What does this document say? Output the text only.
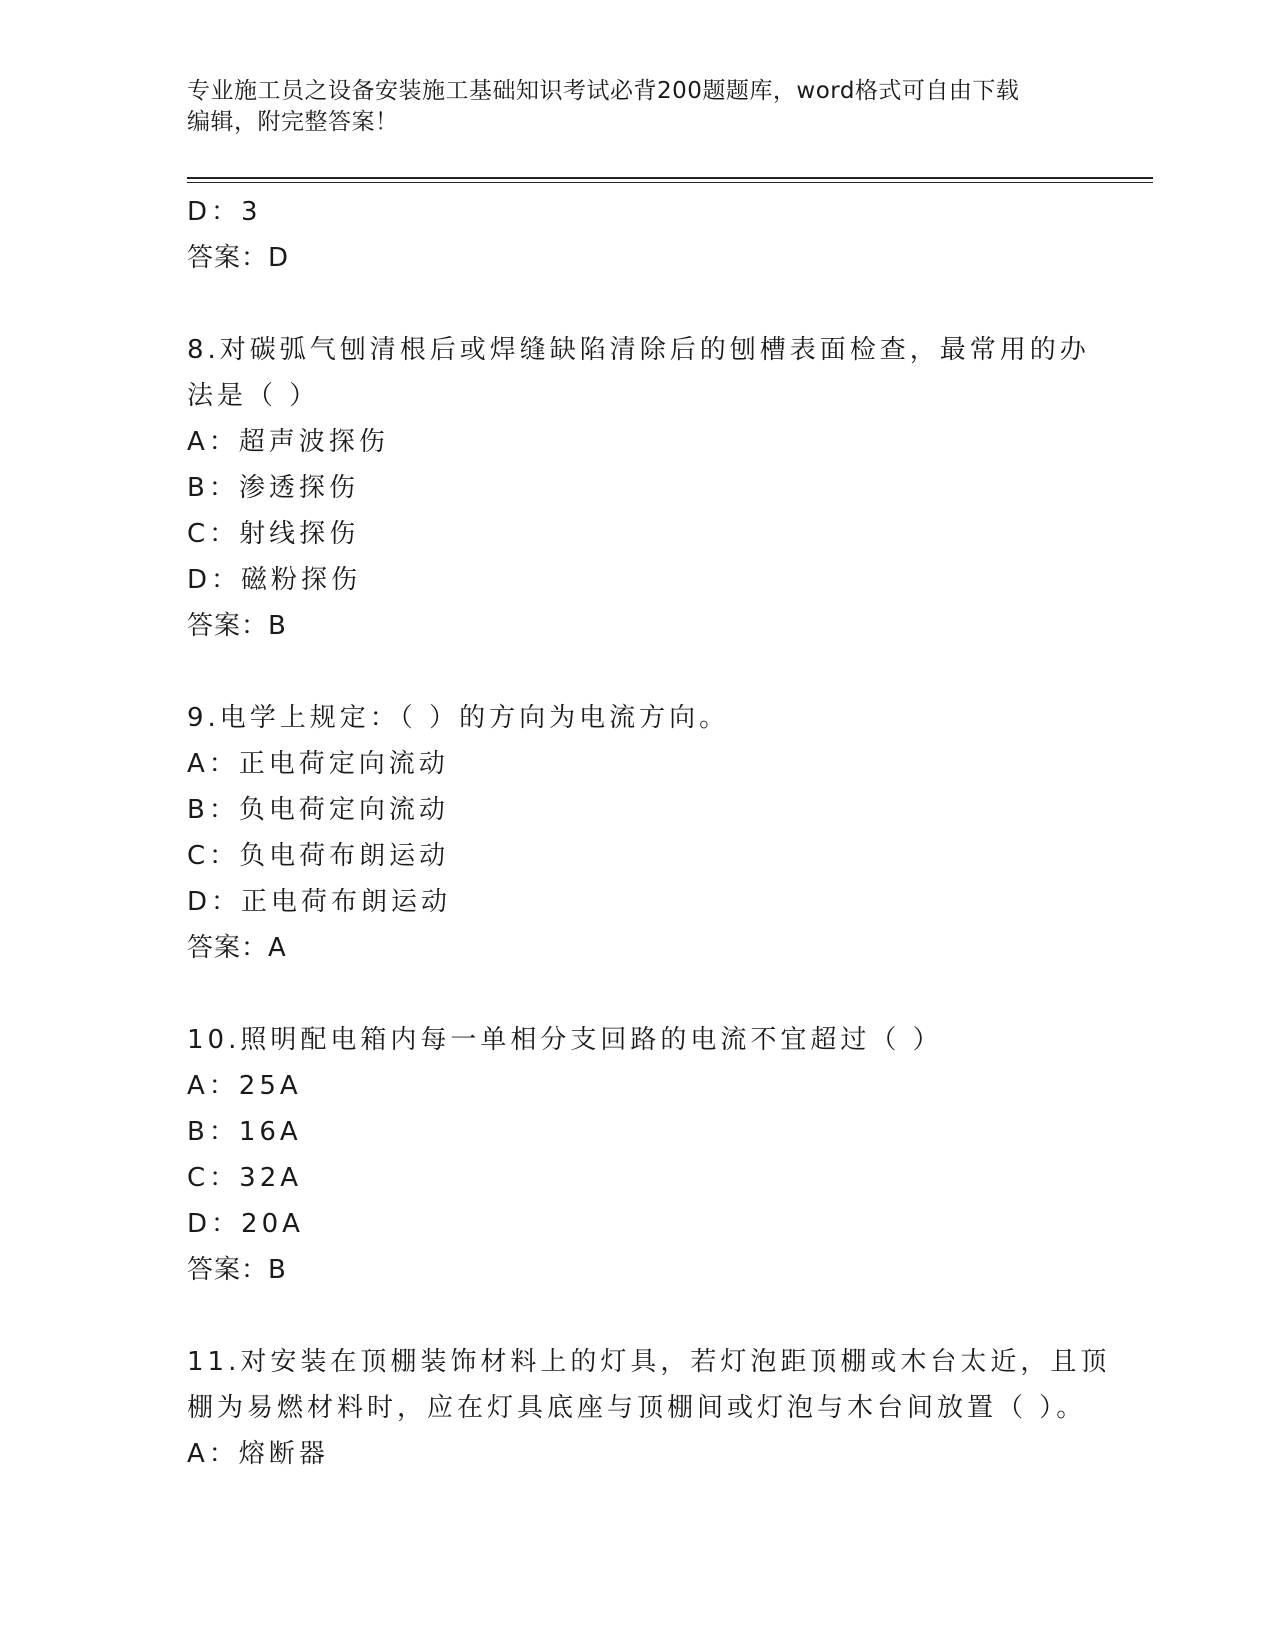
专业施工员之设备安装施工基础知识考试必背200题题库，word格式可自由下载
编辑，附完整答案！
D：3
答案：D
8.对碳弧气刨清根后或焊缝缺陷清除后的刨槽表面检查，最常用的办
法是（ ）
A：超声波探伤
B：渗透探伤
C：射线探伤
D：磁粉探伤
答案：B
9.电学上规定：（ ）的方向为电流方向。
A：正电荷定向流动
B：负电荷定向流动
C：负电荷布朗运动
D：正电荷布朗运动
答案：A
10.照明配电箱内每一单相分支回路的电流不宜超过（ ）
A：25A
B：16A
C：32A
D：20A
答案：B
11.对安装在顶棚装饰材料上的灯具，若灯泡距顶棚或木台太近，且顶
棚为易燃材料时，应在灯具底座与顶棚间或灯泡与木台间放置（ ）。
A：熔断器
